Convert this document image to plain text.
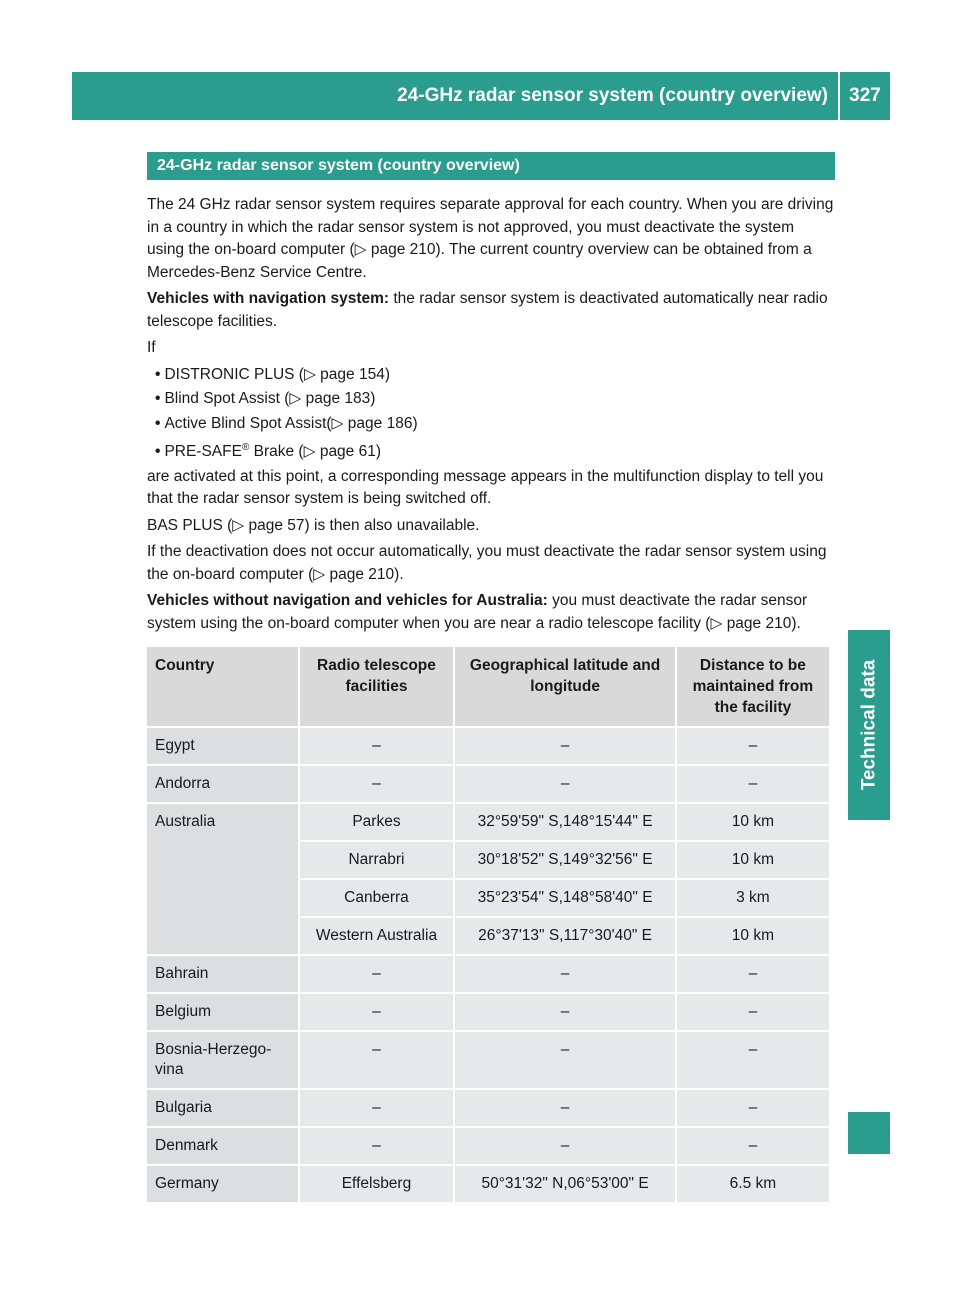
24-GHz radar sensor system (country overview)	327
Technical data
24-GHz radar sensor system (country overview)

The 24 GHz radar sensor system requires separate approval for each country. When you are driving in a country in which the radar sensor system is not approved, you must deactivate the system using the on-board computer (▷ page 210). The current country overview can be obtained from a Mercedes-Benz Service Centre.

Vehicles with navigation system: the radar sensor system is deactivated automatically near radio telescope facilities.

If

• DISTRONIC PLUS (▷ page 154)
• Blind Spot Assist (▷ page 183)
• Active Blind Spot Assist(▷ page 186)
• PRE-SAFE® Brake (▷ page 61)

are activated at this point, a corresponding message appears in the multifunction display to tell you that the radar sensor system is being switched off.

BAS PLUS (▷ page 57) is then also unavailable.

If the deactivation does not occur automatically, you must deactivate the radar sensor system using the on-board computer (▷ page 210).

Vehicles without navigation and vehicles for Australia: you must deactivate the radar sensor system using the on-board computer when you are near a radio telescope facility (▷ page 210).

Country	Radio telescope facilities	Geographical latitude and longitude	Distance to be maintained from the facility
Egypt	–	–	–
Andorra	–	–	–
Australia	Parkes	32°59'59" S,148°15'44" E	10 km
	Narrabri	30°18'52" S,149°32'56" E	10 km
	Canberra	35°23'54" S,148°58'40" E	3 km
	Western Australia	26°37'13" S,117°30'40" E	10 km
Bahrain	–	–	–
Belgium	–	–	–
Bosnia-Herzego-
vina	–	–	–
Bulgaria	–	–	–
Denmark	–	–	–
Germany	Effelsberg	50°31'32" N,06°53'00" E	6.5 km
